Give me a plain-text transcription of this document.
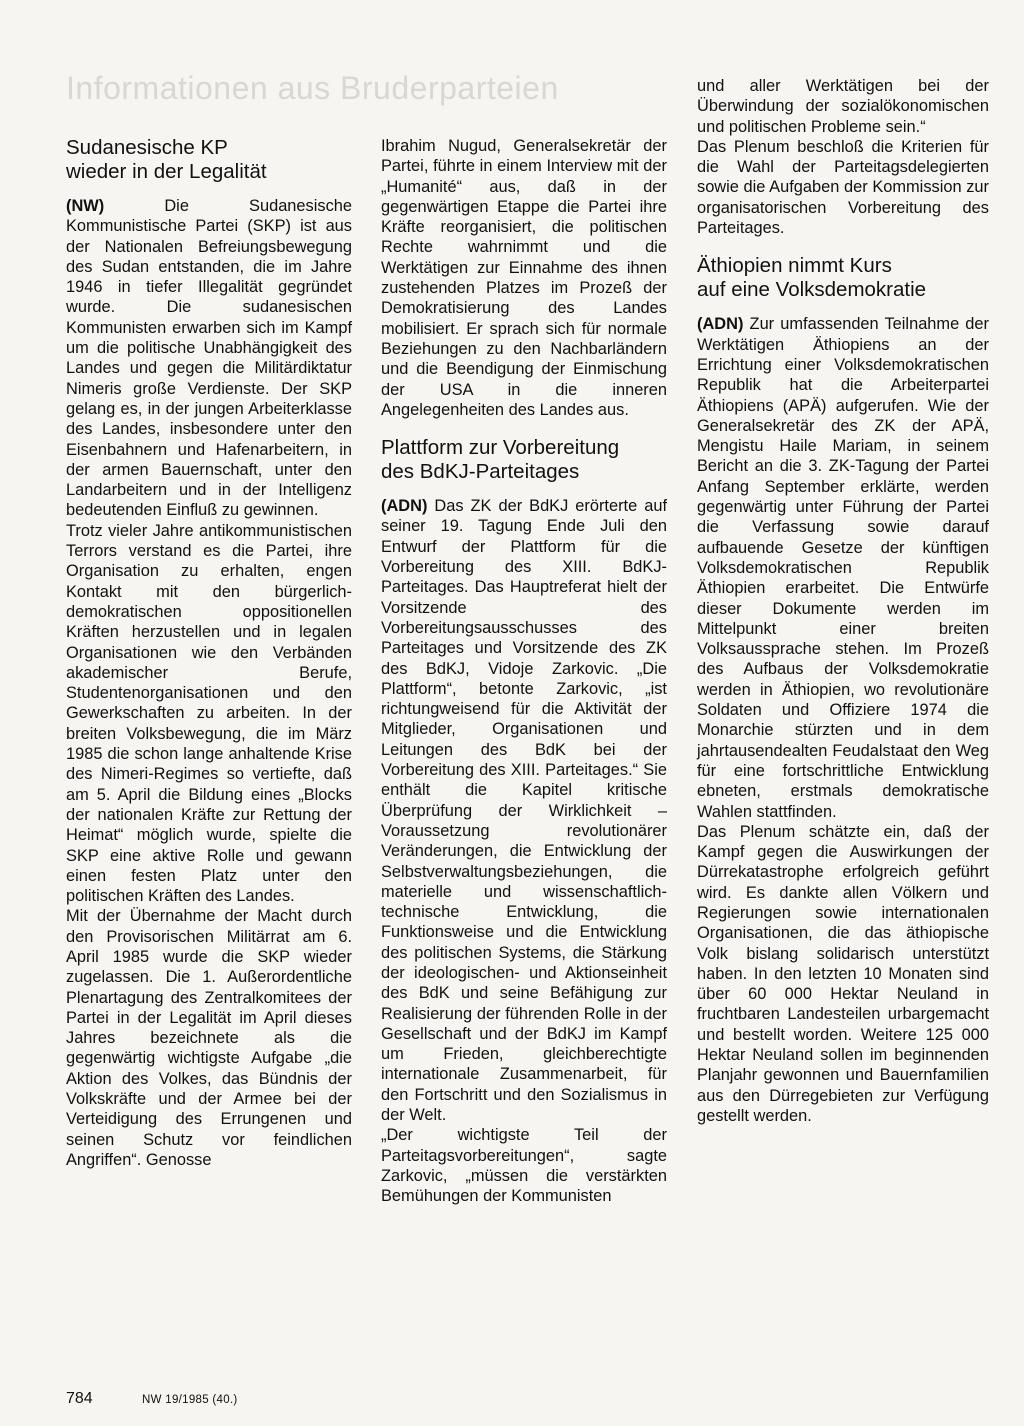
Informationen aus Bruderparteien
Sudanesische KP
wieder in der Legalität

(NW) Die Sudanesische Kommunistische Partei (SKP) ist aus der Nationalen Befreiungsbewegung des Sudan entstanden, die im Jahre 1946 in tiefer Illegalität gegründet wurde. Die sudanesischen Kommunisten erwarben sich im Kampf um die politische Unabhängigkeit des Landes und gegen die Militärdiktatur Nimeris große Verdienste. Der SKP gelang es, in der jungen Arbeiterklasse des Landes, insbesondere unter den Eisenbahnern und Hafenarbeitern, in der armen Bauernschaft, unter den Landarbeitern und in der Intelligenz bedeutenden Einfluß zu gewinnen.

Trotz vieler Jahre antikommunistischen Terrors verstand es die Partei, ihre Organisation zu erhalten, engen Kontakt mit den bürgerlich-demokratischen oppositionellen Kräften herzustellen und in legalen Organisationen wie den Verbänden akademischer Berufe, Studentenorganisationen und den Gewerkschaften zu arbeiten. In der breiten Volksbewegung, die im März 1985 die schon lange anhaltende Krise des Nimeri-Regimes so vertiefte, daß am 5. April die Bildung eines „Blocks der nationalen Kräfte zur Rettung der Heimat“ möglich wurde, spielte die SKP eine aktive Rolle und gewann einen festen Platz unter den politischen Kräften des Landes.

Mit der Übernahme der Macht durch den Provisorischen Militärrat am 6. April 1985 wurde die SKP wieder zugelassen. Die 1. Außerordentliche Plenartagung des Zentralkomitees der Partei in der Legalität im April dieses Jahres bezeichnete als die gegenwärtig wichtigste Aufgabe „die Aktion des Volkes, das Bündnis der Volkskräfte und der Armee bei der Verteidigung des Errungenen und seinen Schutz vor feindlichen Angriffen“. Genosse

Ibrahim Nugud, Generalsekretär der Partei, führte in einem Interview mit der „Humanité“ aus, daß in der gegenwärtigen Etappe die Partei ihre Kräfte reorganisiert, die politischen Rechte wahrnimmt und die Werktätigen zur Einnahme des ihnen zustehenden Platzes im Prozeß der Demokratisierung des Landes mobilisiert. Er sprach sich für normale Beziehungen zu den Nachbarländern und die Beendigung der Einmischung der USA in die inneren Angelegenheiten des Landes aus.

Plattform zur Vorbereitung
des BdKJ-Parteitages

(ADN) Das ZK der BdKJ erörterte auf seiner 19. Tagung Ende Juli den Entwurf der Plattform für die Vorbereitung des XIII. BdKJ-Parteitages. Das Hauptreferat hielt der Vorsitzende des Vorbereitungsausschusses des Parteitages und Vorsitzende des ZK des BdKJ, Vidoje Zarkovic. „Die Plattform“, betonte Zarkovic, „ist richtungweisend für die Aktivität der Mitglieder, Organisationen und Leitungen des BdK bei der Vorbereitung des XIII. Parteitages.“ Sie enthält die Kapitel kritische Überprüfung der Wirklichkeit – Voraussetzung revolutionärer Veränderungen, die Entwicklung der Selbstverwaltungsbeziehungen, die materielle und wissenschaftlich-technische Entwicklung, die Funktionsweise und die Entwicklung des politischen Systems, die Stärkung der ideologischen- und Aktionseinheit des BdK und seine Befähigung zur Realisierung der führenden Rolle in der Gesellschaft und der BdKJ im Kampf um Frieden, gleichberechtigte internationale Zusammenarbeit, für den Fortschritt und den Sozialismus in der Welt.

„Der wichtigste Teil der Parteitagsvorbereitungen“, sagte Zarkovic, „müssen die verstärkten Bemühungen der Kommunisten

und aller Werktätigen bei der Überwindung der sozialökonomischen und politischen Probleme sein.“

Das Plenum beschloß die Kriterien für die Wahl der Parteitagsdelegierten sowie die Aufgaben der Kommission zur organisatorischen Vorbereitung des Parteitages.

Äthiopien nimmt Kurs
auf eine Volksdemokratie

(ADN) Zur umfassenden Teilnahme der Werktätigen Äthiopiens an der Errichtung einer Volksdemokratischen Republik hat die Arbeiterpartei Äthiopiens (APÄ) aufgerufen. Wie der Generalsekretär des ZK der APÄ, Mengistu Haile Mariam, in seinem Bericht an die 3. ZK-Tagung der Partei Anfang September erklärte, werden gegenwärtig unter Führung der Partei die Verfassung sowie darauf aufbauende Gesetze der künftigen Volksdemokratischen Republik Äthiopien erarbeitet. Die Entwürfe dieser Dokumente werden im Mittelpunkt einer breiten Volksaussprache stehen. Im Prozeß des Aufbaus der Volksdemokratie werden in Äthiopien, wo revolutionäre Soldaten und Offiziere 1974 die Monarchie stürzten und in dem jahrtausendealten Feudalstaat den Weg für eine fortschrittliche Entwicklung ebneten, erstmals demokratische Wahlen stattfinden.

Das Plenum schätzte ein, daß der Kampf gegen die Auswirkungen der Dürrekatastrophe erfolgreich geführt wird. Es dankte allen Völkern und Regierungen sowie internationalen Organisationen, die das äthiopische Volk bislang solidarisch unterstützt haben. In den letzten 10 Monaten sind über 60 000 Hektar Neuland in fruchtbaren Landesteilen urbargemacht und bestellt worden. Weitere 125 000 Hektar Neuland sollen im beginnenden Planjahr gewonnen und Bauernfamilien aus den Dürregebieten zur Verfügung gestellt werden.

784	NW 19/1985 (40.)
